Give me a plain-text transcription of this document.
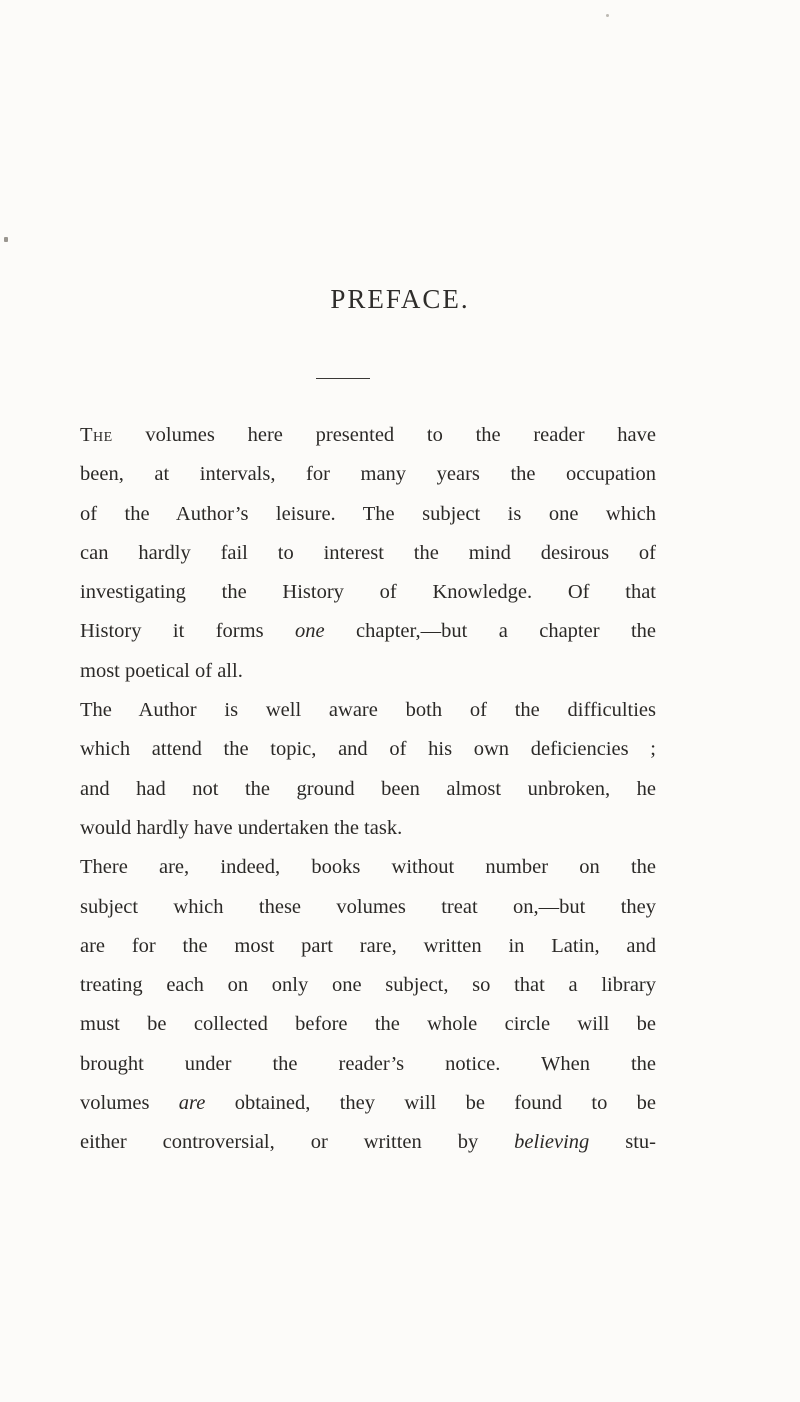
PREFACE.
The volumes here presented to the reader have
been, at intervals, for many years the occupation
of the Author’s leisure. The subject is one which
can hardly fail to interest the mind desirous of
investigating the History of Knowledge. Of that
History it forms one chapter,—but a chapter the
most poetical of all.
The Author is well aware both of the difficulties
which attend the topic, and of his own deficiencies ;
and had not the ground been almost unbroken, he
would hardly have undertaken the task.
There are, indeed, books without number on the
subject which these volumes treat on,—but they
are for the most part rare, written in Latin, and
treating each on only one subject, so that a library
must be collected before the whole circle will be
brought under the reader’s notice. When the
volumes are obtained, they will be found to be
either controversial, or written by believing stu-
